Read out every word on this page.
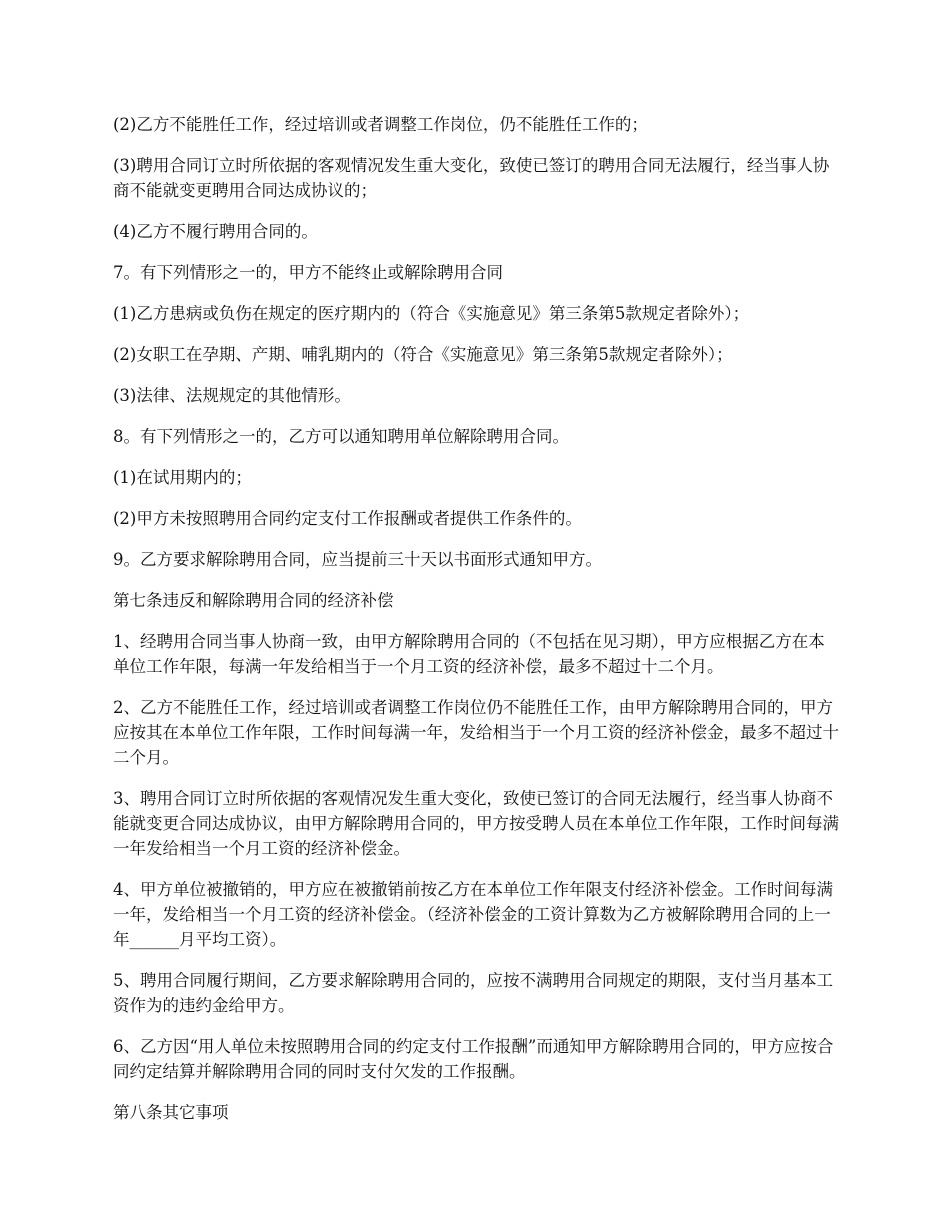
(2)乙方不能胜任工作，经过培训或者调整工作岗位，仍不能胜任工作的；

(3)聘用合同订立时所依据的客观情况发生重大变化，致使已签订的聘用合同无法履行，经当事人协商不能就变更聘用合同达成协议的；

(4)乙方不履行聘用合同的。

7。有下列情形之一的，甲方不能终止或解除聘用合同

(1)乙方患病或负伤在规定的医疗期内的（符合《实施意见》第三条第5款规定者除外）；

(2)女职工在孕期、产期、哺乳期内的（符合《实施意见》第三条第5款规定者除外）；

(3)法律、法规规定的其他情形。

8。有下列情形之一的，乙方可以通知聘用单位解除聘用合同。

(1)在试用期内的；

(2)甲方未按照聘用合同约定支付工作报酬或者提供工作条件的。

9。乙方要求解除聘用合同，应当提前三十天以书面形式通知甲方。

第七条违反和解除聘用合同的经济补偿

1、经聘用合同当事人协商一致，由甲方解除聘用合同的（不包括在见习期），甲方应根据乙方在本单位工作年限，每满一年发给相当于一个月工资的经济补偿，最多不超过十二个月。

2、乙方不能胜任工作，经过培训或者调整工作岗位仍不能胜任工作，由甲方解除聘用合同的，甲方应按其在本单位工作年限，工作时间每满一年，发给相当于一个月工资的经济补偿金，最多不超过十二个月。

3、聘用合同订立时所依据的客观情况发生重大变化，致使已签订的合同无法履行，经当事人协商不能就变更合同达成协议，由甲方解除聘用合同的，甲方按受聘人员在本单位工作年限，工作时间每满一年发给相当一个月工资的经济补偿金。

4、甲方单位被撤销的，甲方应在被撤销前按乙方在本单位工作年限支付经济补偿金。工作时间每满一年，发给相当一个月工资的经济补偿金。（经济补偿金的工资计算数为乙方被解除聘用合同的上一年______月平均工资）。

5、聘用合同履行期间，乙方要求解除聘用合同的，应按不满聘用合同规定的期限，支付当月基本工资作为的违约金给甲方。

6、乙方因“用人单位未按照聘用合同的约定支付工作报酬”而通知甲方解除聘用合同的，甲方应按合同约定结算并解除聘用合同的同时支付欠发的工作报酬。

第八条其它事项
